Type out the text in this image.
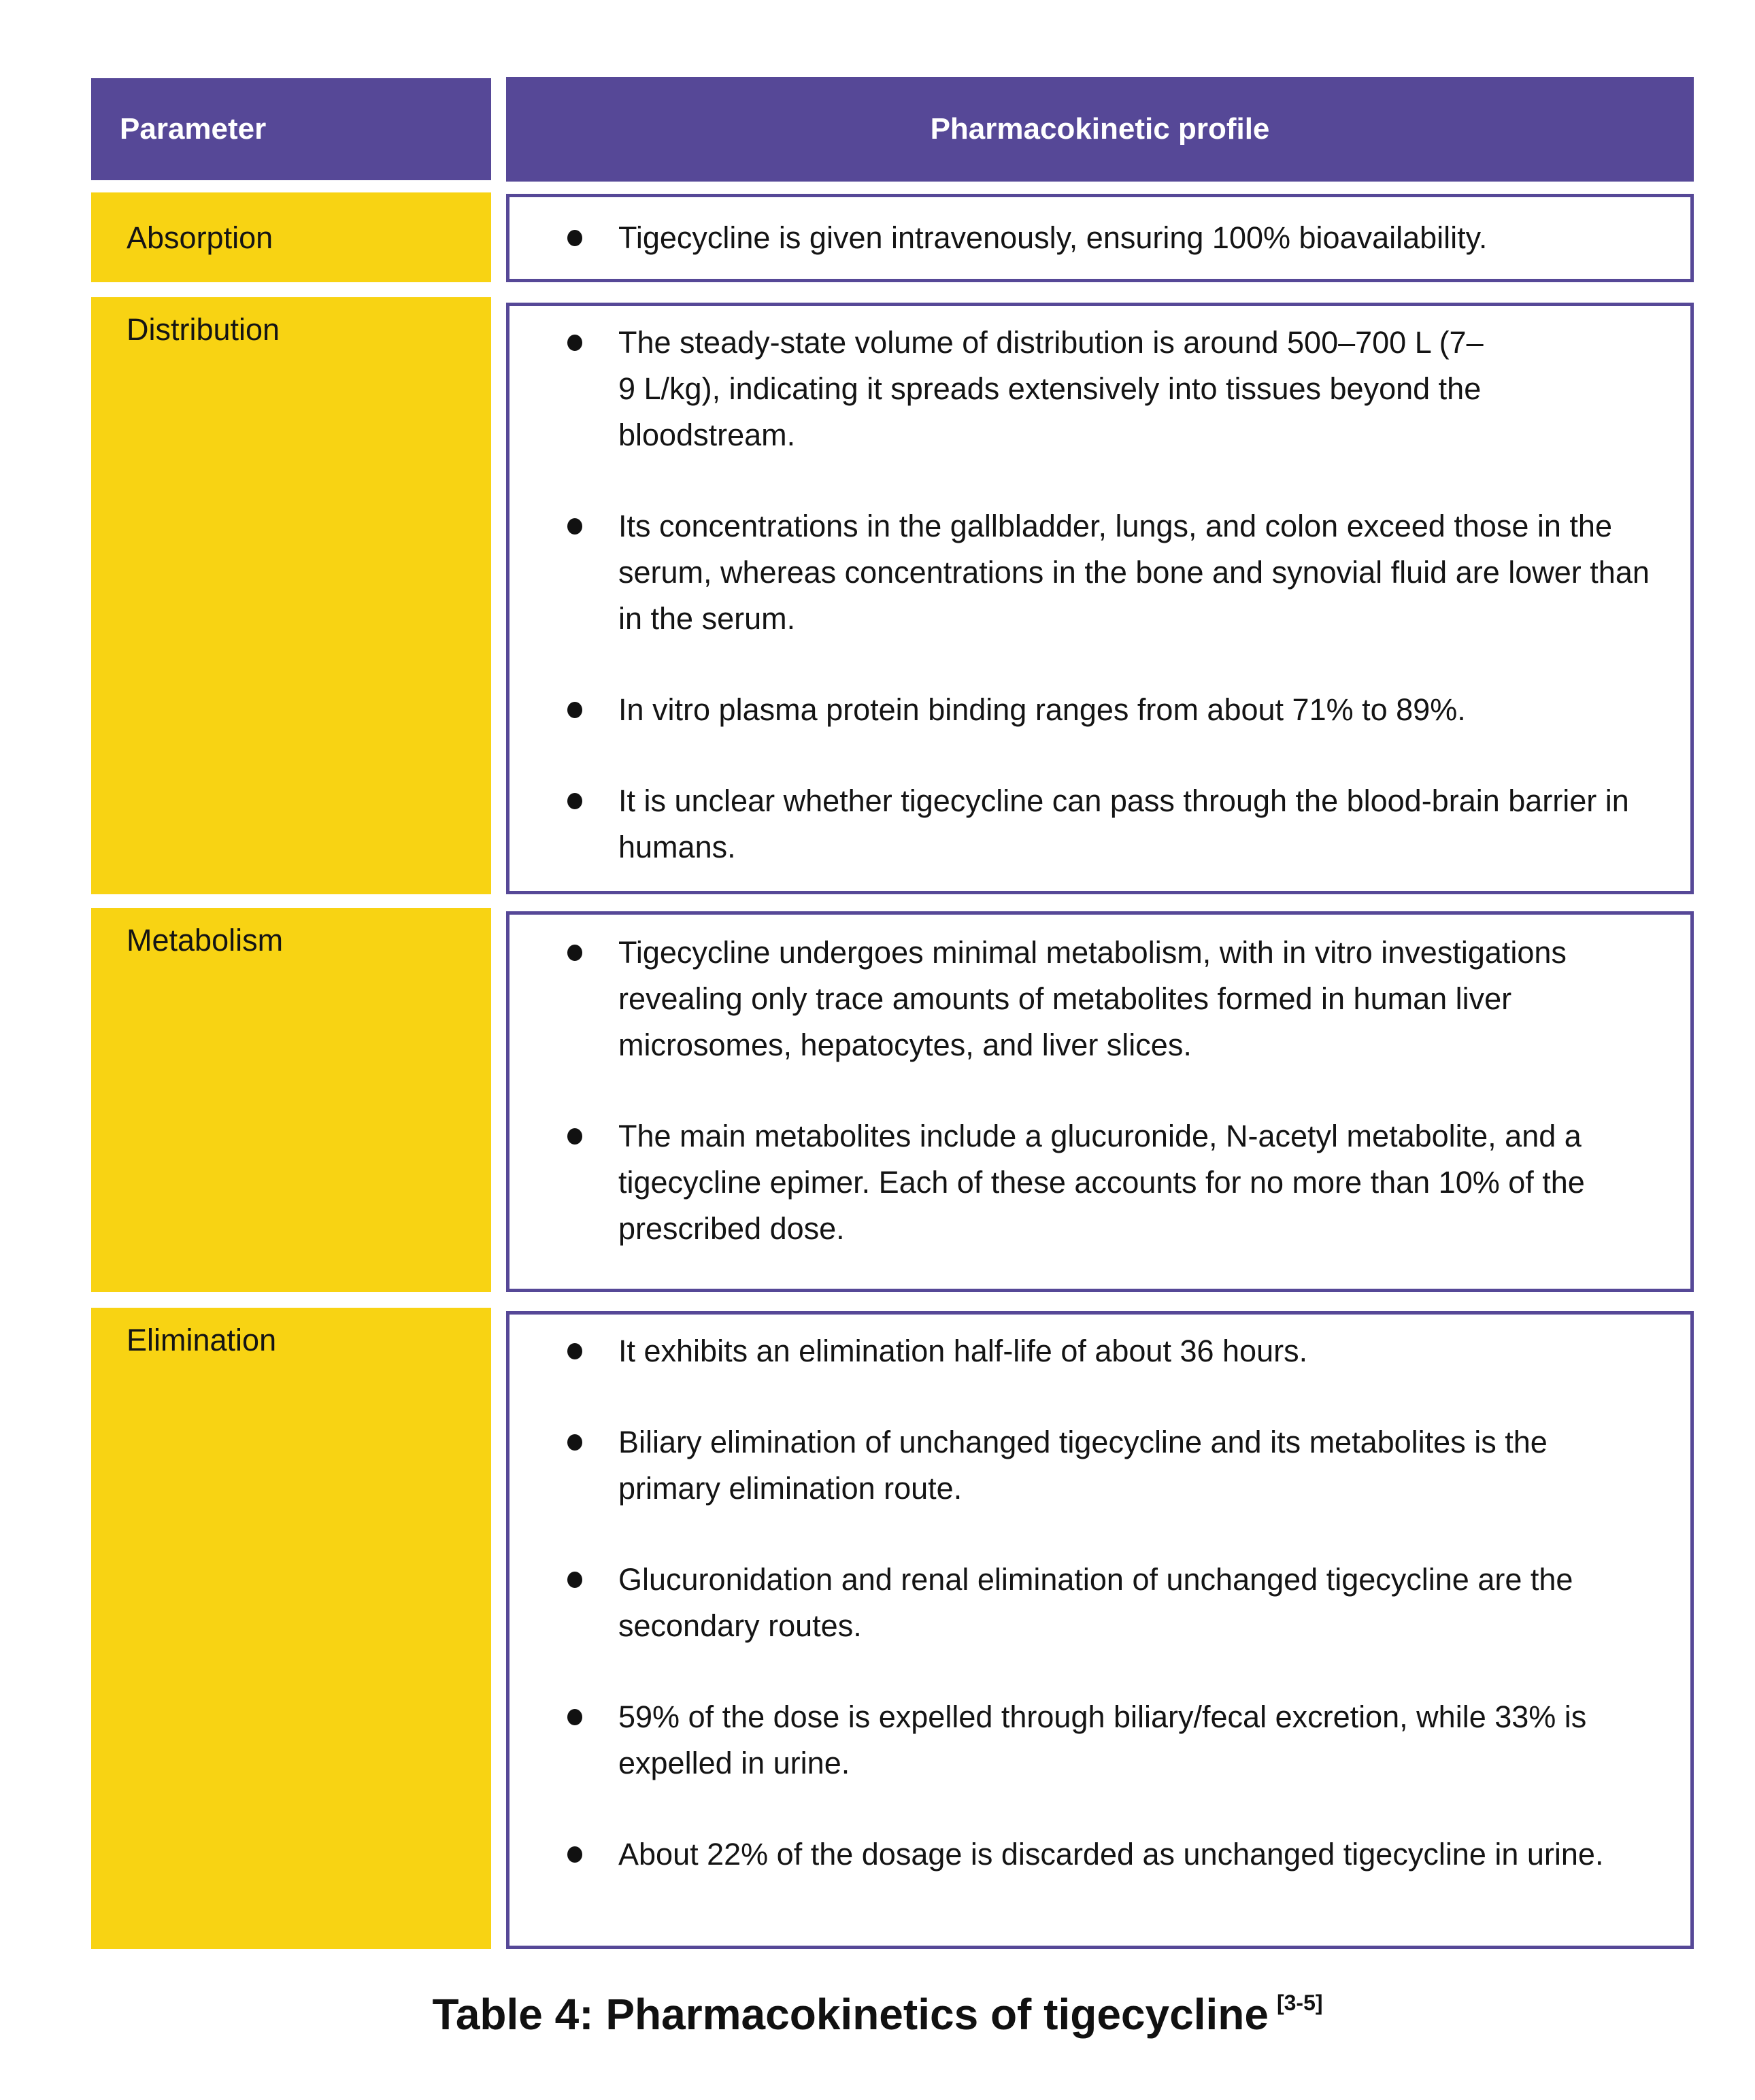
Parameter	Pharmacokinetic profile
Absorption	Tigecycline is given intravenously, ensuring 100% bioavailability.
Distribution	The steady-state volume of distribution is around 500–700 L (7–9 L/kg), indicating it spreads extensively into tissues beyond the bloodstream.
Its concentrations in the gallbladder, lungs, and colon exceed those in the serum, whereas concentrations in the bone and synovial fluid are lower than in the serum.
In vitro plasma protein binding ranges from about 71% to 89%.
It is unclear whether tigecycline can pass through the blood-brain barrier in humans.
Metabolism	Tigecycline undergoes minimal metabolism, with in vitro investigations revealing only trace amounts of metabolites formed in human liver microsomes, hepatocytes, and liver slices.
The main metabolites include a glucuronide, N-acetyl metabolite, and a tigecycline epimer. Each of these accounts for no more than 10% of the prescribed dose.
Elimination	It exhibits an elimination half-life of about 36 hours.
Biliary elimination of unchanged tigecycline and its metabolites is the primary elimination route.
Glucuronidation and renal elimination of unchanged tigecycline are the secondary routes.
59% of the dose is expelled through biliary/fecal excretion, while 33% is expelled in urine.
About 22% of the dosage is discarded as unchanged tigecycline in urine.
Table 4: Pharmacokinetics of tigecycline [3-5]
